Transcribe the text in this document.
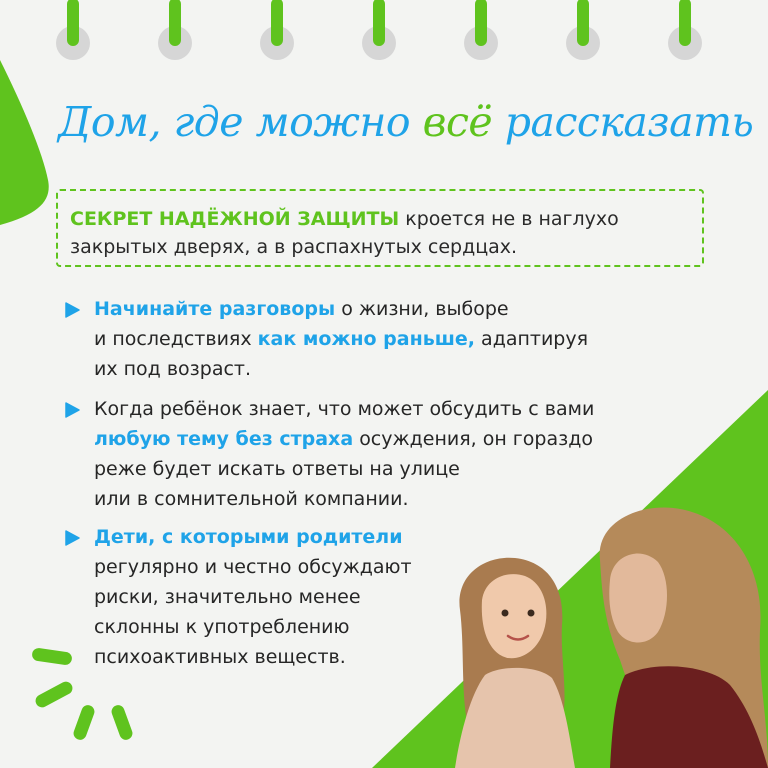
Дом, где можно всё рассказать
СЕКРЕТ НАДЁЖНОЙ ЗАЩИТЫ кроется не в наглухо
закрытых дверях, а в распахнутых сердцах.
Начинайте разговоры о жизни, выборе
и последствиях как можно раньше, адаптируя
их под возраст.
Когда ребёнок знает, что может обсудить с вами
любую тему без страха осуждения, он гораздо
реже будет искать ответы на улице
или в сомнительной компании.
Дети, с которыми родители
регулярно и честно обсуждают
риски, значительно менее
склонны к употреблению
психоактивных веществ.
